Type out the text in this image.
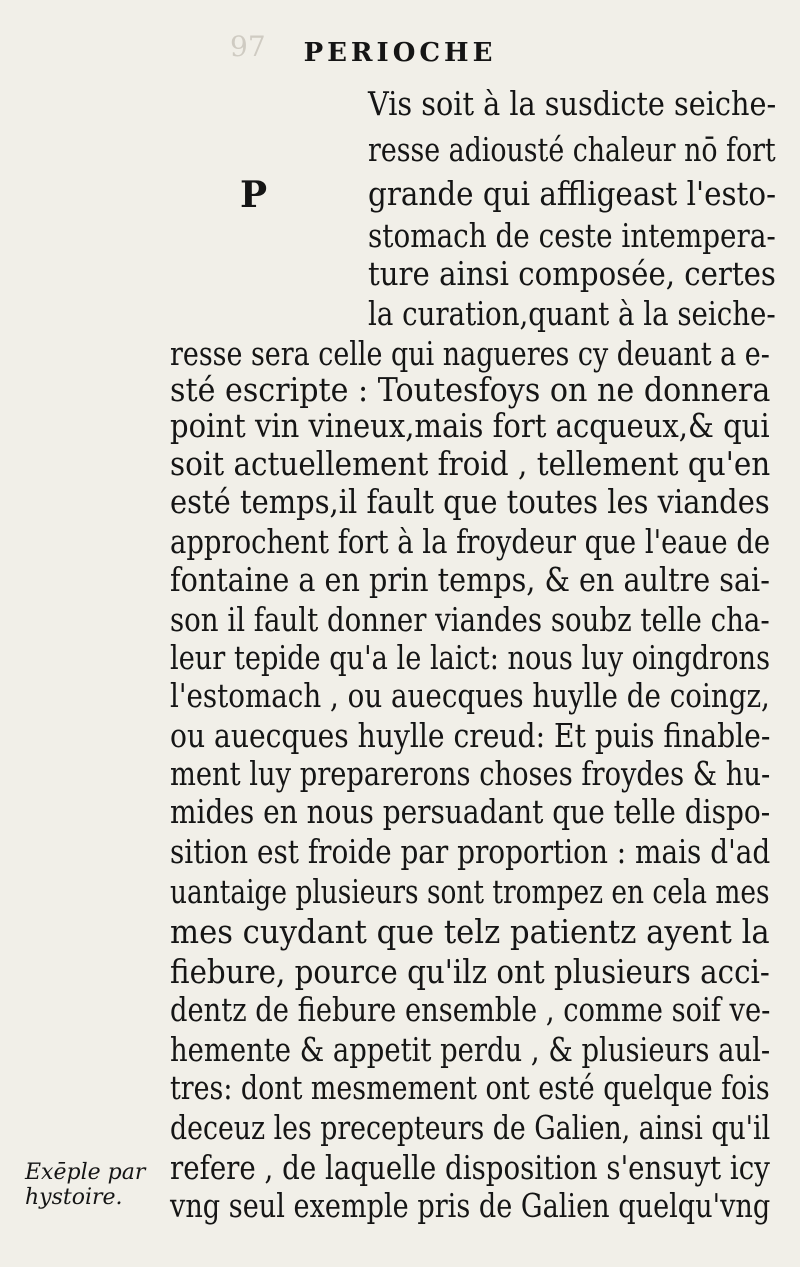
97 PERIOCHE
P
Vis soit à la susdicte seiche-
resse adiousté chaleur nō fort
grande qui affligeast l'esto-
stomach de ceste intempera-
ture ainsi composée, certes
la curation,quant à la seiche-
resse sera celle qui nagueres cy deuant a e-
sté escripte : Toutesfoys on ne donnera
point vin vineux,mais fort acqueux,& qui
soit actuellement froid , tellement qu'en
esté temps,il fault que toutes les viandes
approchent fort à la froydeur que l'eaue de
fontaine a en prin temps, & en aultre sai-
son il fault donner viandes soubz telle cha-
leur tepide qu'a le laict: nous luy oingdrons
l'estomach , ou auecques huylle de coingz,
ou auecques huylle creud: Et puis finable-
ment luy preparerons choses froydes & hu-
mides en nous persuadant que telle dispo-
sition est froide par proportion : mais d'ad
uantaige plusieurs sont trompez en cela mes
mes cuydant que telz patientz ayent la
fiebure, pource qu'ilz ont plusieurs acci-
dentz de fiebure ensemble , comme soif ve-
hemente & appetit perdu , & plusieurs aul-
tres: dont mesmement ont esté quelque fois
deceuz les precepteurs de Galien, ainsi qu'il
refere , de laquelle disposition s'ensuyt icy
vng seul exemple pris de Galien quelqu'vng
Exēple par
hystoire.
